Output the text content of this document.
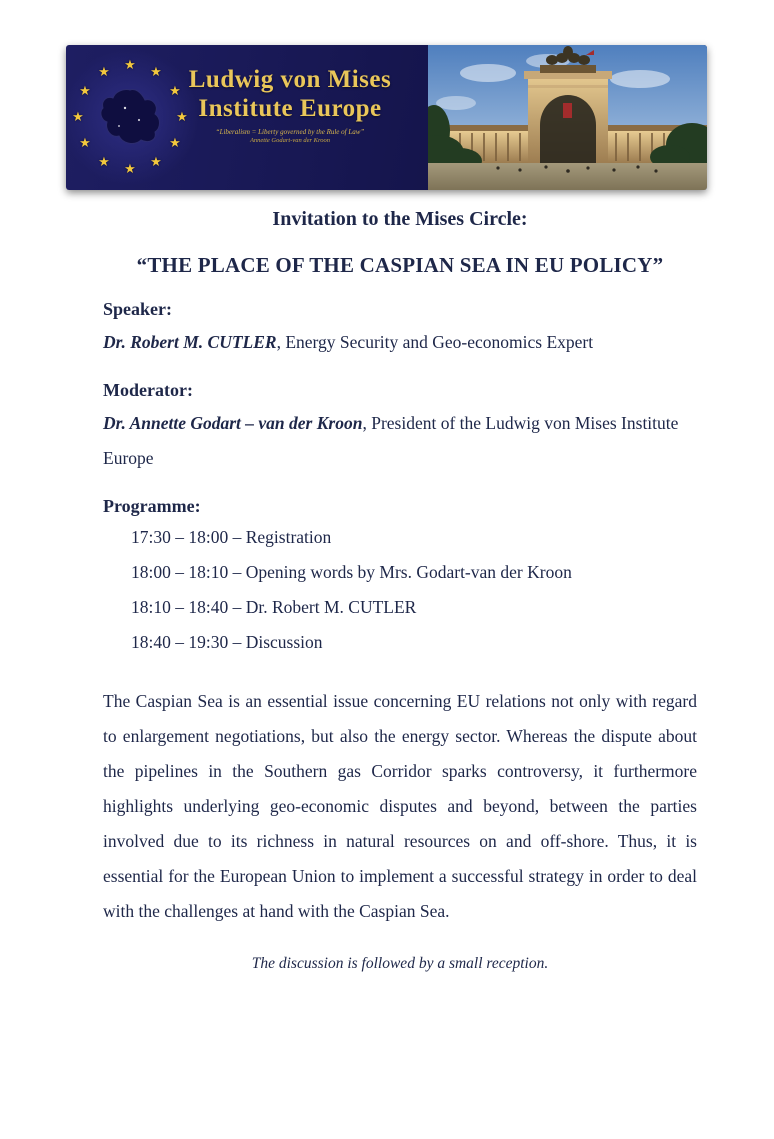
★ ★
★
★
★
★
★
★
★
★
★
★	Ludwig von Mises
Institute Europe
“Liberalism = Liberty governed by the Rule of Law”
Annette Godart-van der Kroon
Invitation to the Mises Circle:
“THE PLACE OF THE CASPIAN SEA IN EU POLICY”

Speaker:

Dr. Robert M. CUTLER, Energy Security and Geo-economics Expert

Moderator:

Dr. Annette Godart – van der Kroon, President of the Ludwig von Mises Institute Europe

Programme:

17:30 – 18:00 – Registration

18:00 – 18:10 – Opening words by Mrs. Godart-van der Kroon

18:10 – 18:40 – Dr. Robert M. CUTLER

18:40 – 19:30 – Discussion

The Caspian Sea is an essential issue concerning EU relations not only with regard to enlargement negotiations, but also the energy sector. Whereas the dispute about the pipelines in the Southern gas Corridor sparks controversy, it furthermore highlights underlying geo-economic disputes and beyond, between the parties involved due to its richness in natural resources on and off-shore. Thus, it is essential for the European Union to implement a successful strategy in order to deal with the challenges at hand with the Caspian Sea.

The discussion is followed by a small reception.
